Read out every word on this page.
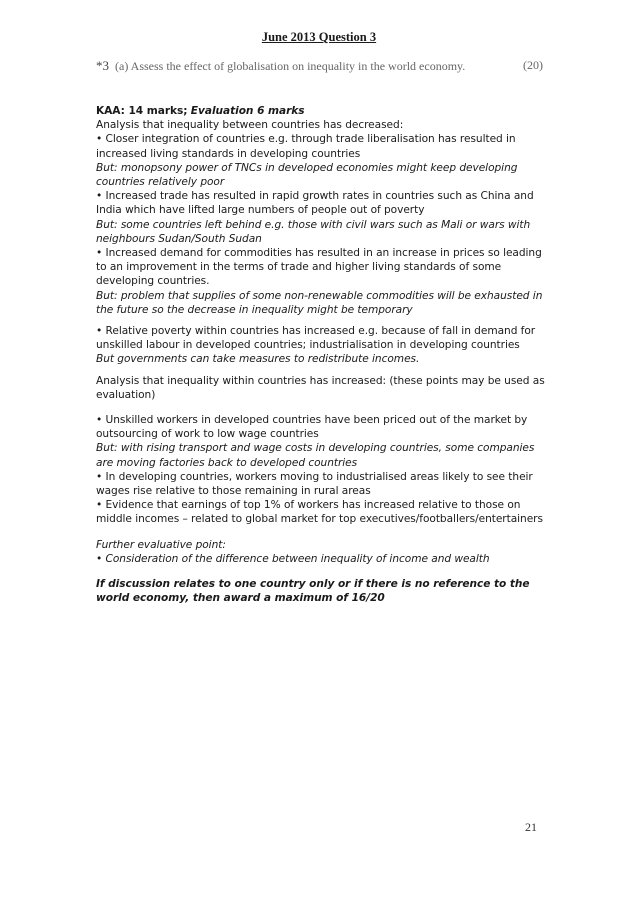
June 2013 Question 3
*3 (a) Assess the effect of globalisation on inequality in the world economy.	(20)

KAA: 14 marks; Evaluation 6 marks

Analysis that inequality between countries has decreased:

• Closer integration of countries e.g. through trade liberalisation has resulted in increased living standards in developing countries

But: monopsony power of TNCs in developed economies might keep developing countries relatively poor

• Increased trade has resulted in rapid growth rates in countries such as China and India which have lifted large numbers of people out of poverty

But: some countries left behind e.g. those with civil wars such as Mali or wars with neighbours Sudan/South Sudan

• Increased demand for commodities has resulted in an increase in prices so leading to an improvement in the terms of trade and higher living standards of some developing countries.

But: problem that supplies of some non-renewable commodities will be exhausted in the future so the decrease in inequality might be temporary

• Relative poverty within countries has increased e.g. because of fall in demand for unskilled labour in developed countries; industrialisation in developing countries

But governments can take measures to redistribute incomes.

Analysis that inequality within countries has increased: (these points may be used as evaluation)

• Unskilled workers in developed countries have been priced out of the market by outsourcing of work to low wage countries

But: with rising transport and wage costs in developing countries, some companies are moving factories back to developed countries

• In developing countries, workers moving to industrialised areas likely to see their wages rise relative to those remaining in rural areas

• Evidence that earnings of top 1% of workers has increased relative to those on middle incomes – related to global market for top executives/footballers/entertainers

Further evaluative point:

• Consideration of the difference between inequality of income and wealth

If discussion relates to one country only or if there is no reference to the world economy, then award a maximum of 16/20

21
